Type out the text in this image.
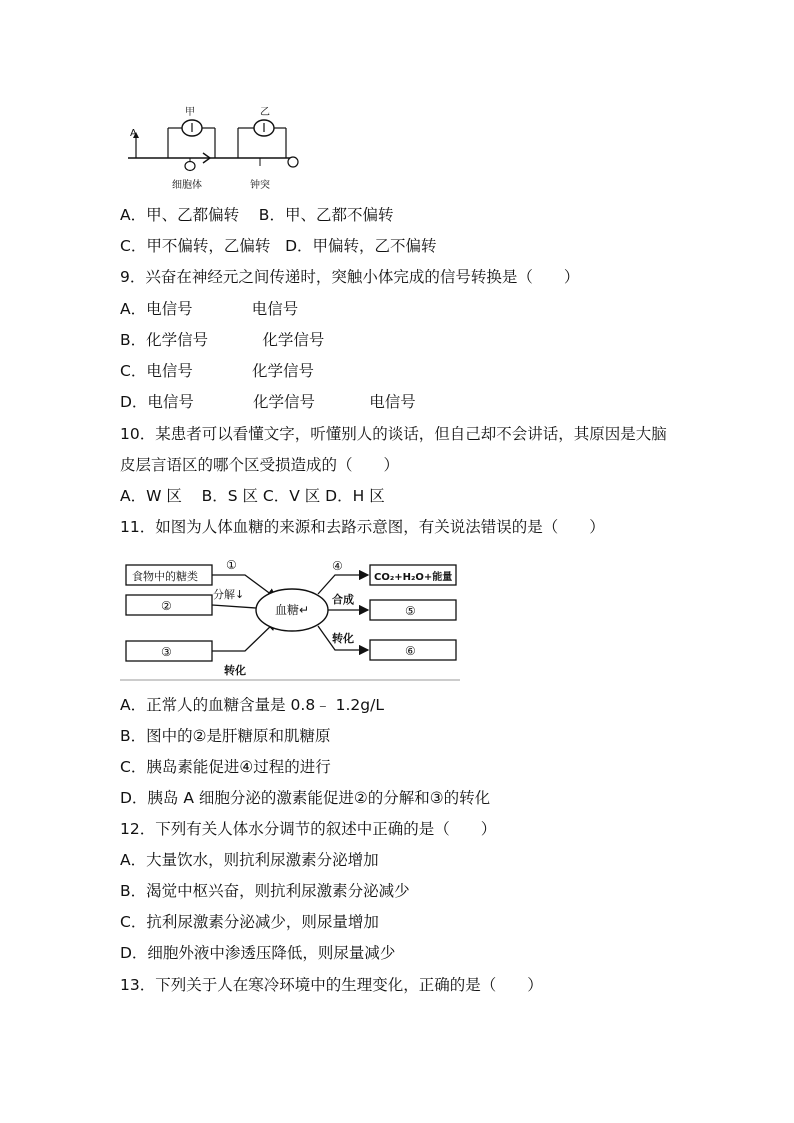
A
甲
细胞体
乙
钟突
A．甲、乙都偏转    B．甲、乙都不偏转
C．甲不偏转，乙偏转   D．甲偏转，乙不偏转
9．兴奋在神经元之间传递时，突触小体完成的信号转换是（　　）
A．电信号            电信号
B．化学信号           化学信号
C．电信号            化学信号
D．电信号            化学信号           电信号
10．某患者可以看懂文字，听懂别人的谈话，但自己却不会讲话，其原因是大脑
皮层言语区的哪个区受损造成的（　　）
A．W 区    B．S 区 C．V 区 D．H 区
11．如图为人体血糖的来源和去路示意图，有关说法错误的是（　　）
食物中的糖类
②
③
①
分解↓
转化
血糖↵
④
合成
转化
CO₂+H₂O+能量
⑤
⑥
A．正常人的血糖含量是 0.8﹣ 1.2g/L
B．图中的②是肝糖原和肌糖原
C．胰岛素能促进④过程的进行
D．胰岛 A 细胞分泌的激素能促进②的分解和③的转化
12．下列有关人体水分调节的叙述中正确的是（　　）
A．大量饮水，则抗利尿激素分泌增加
B．渴觉中枢兴奋，则抗利尿激素分泌减少
C．抗利尿激素分泌减少，则尿量增加
D．细胞外液中渗透压降低，则尿量减少
13．下列关于人在寒冷环境中的生理变化，正确的是（　　）
